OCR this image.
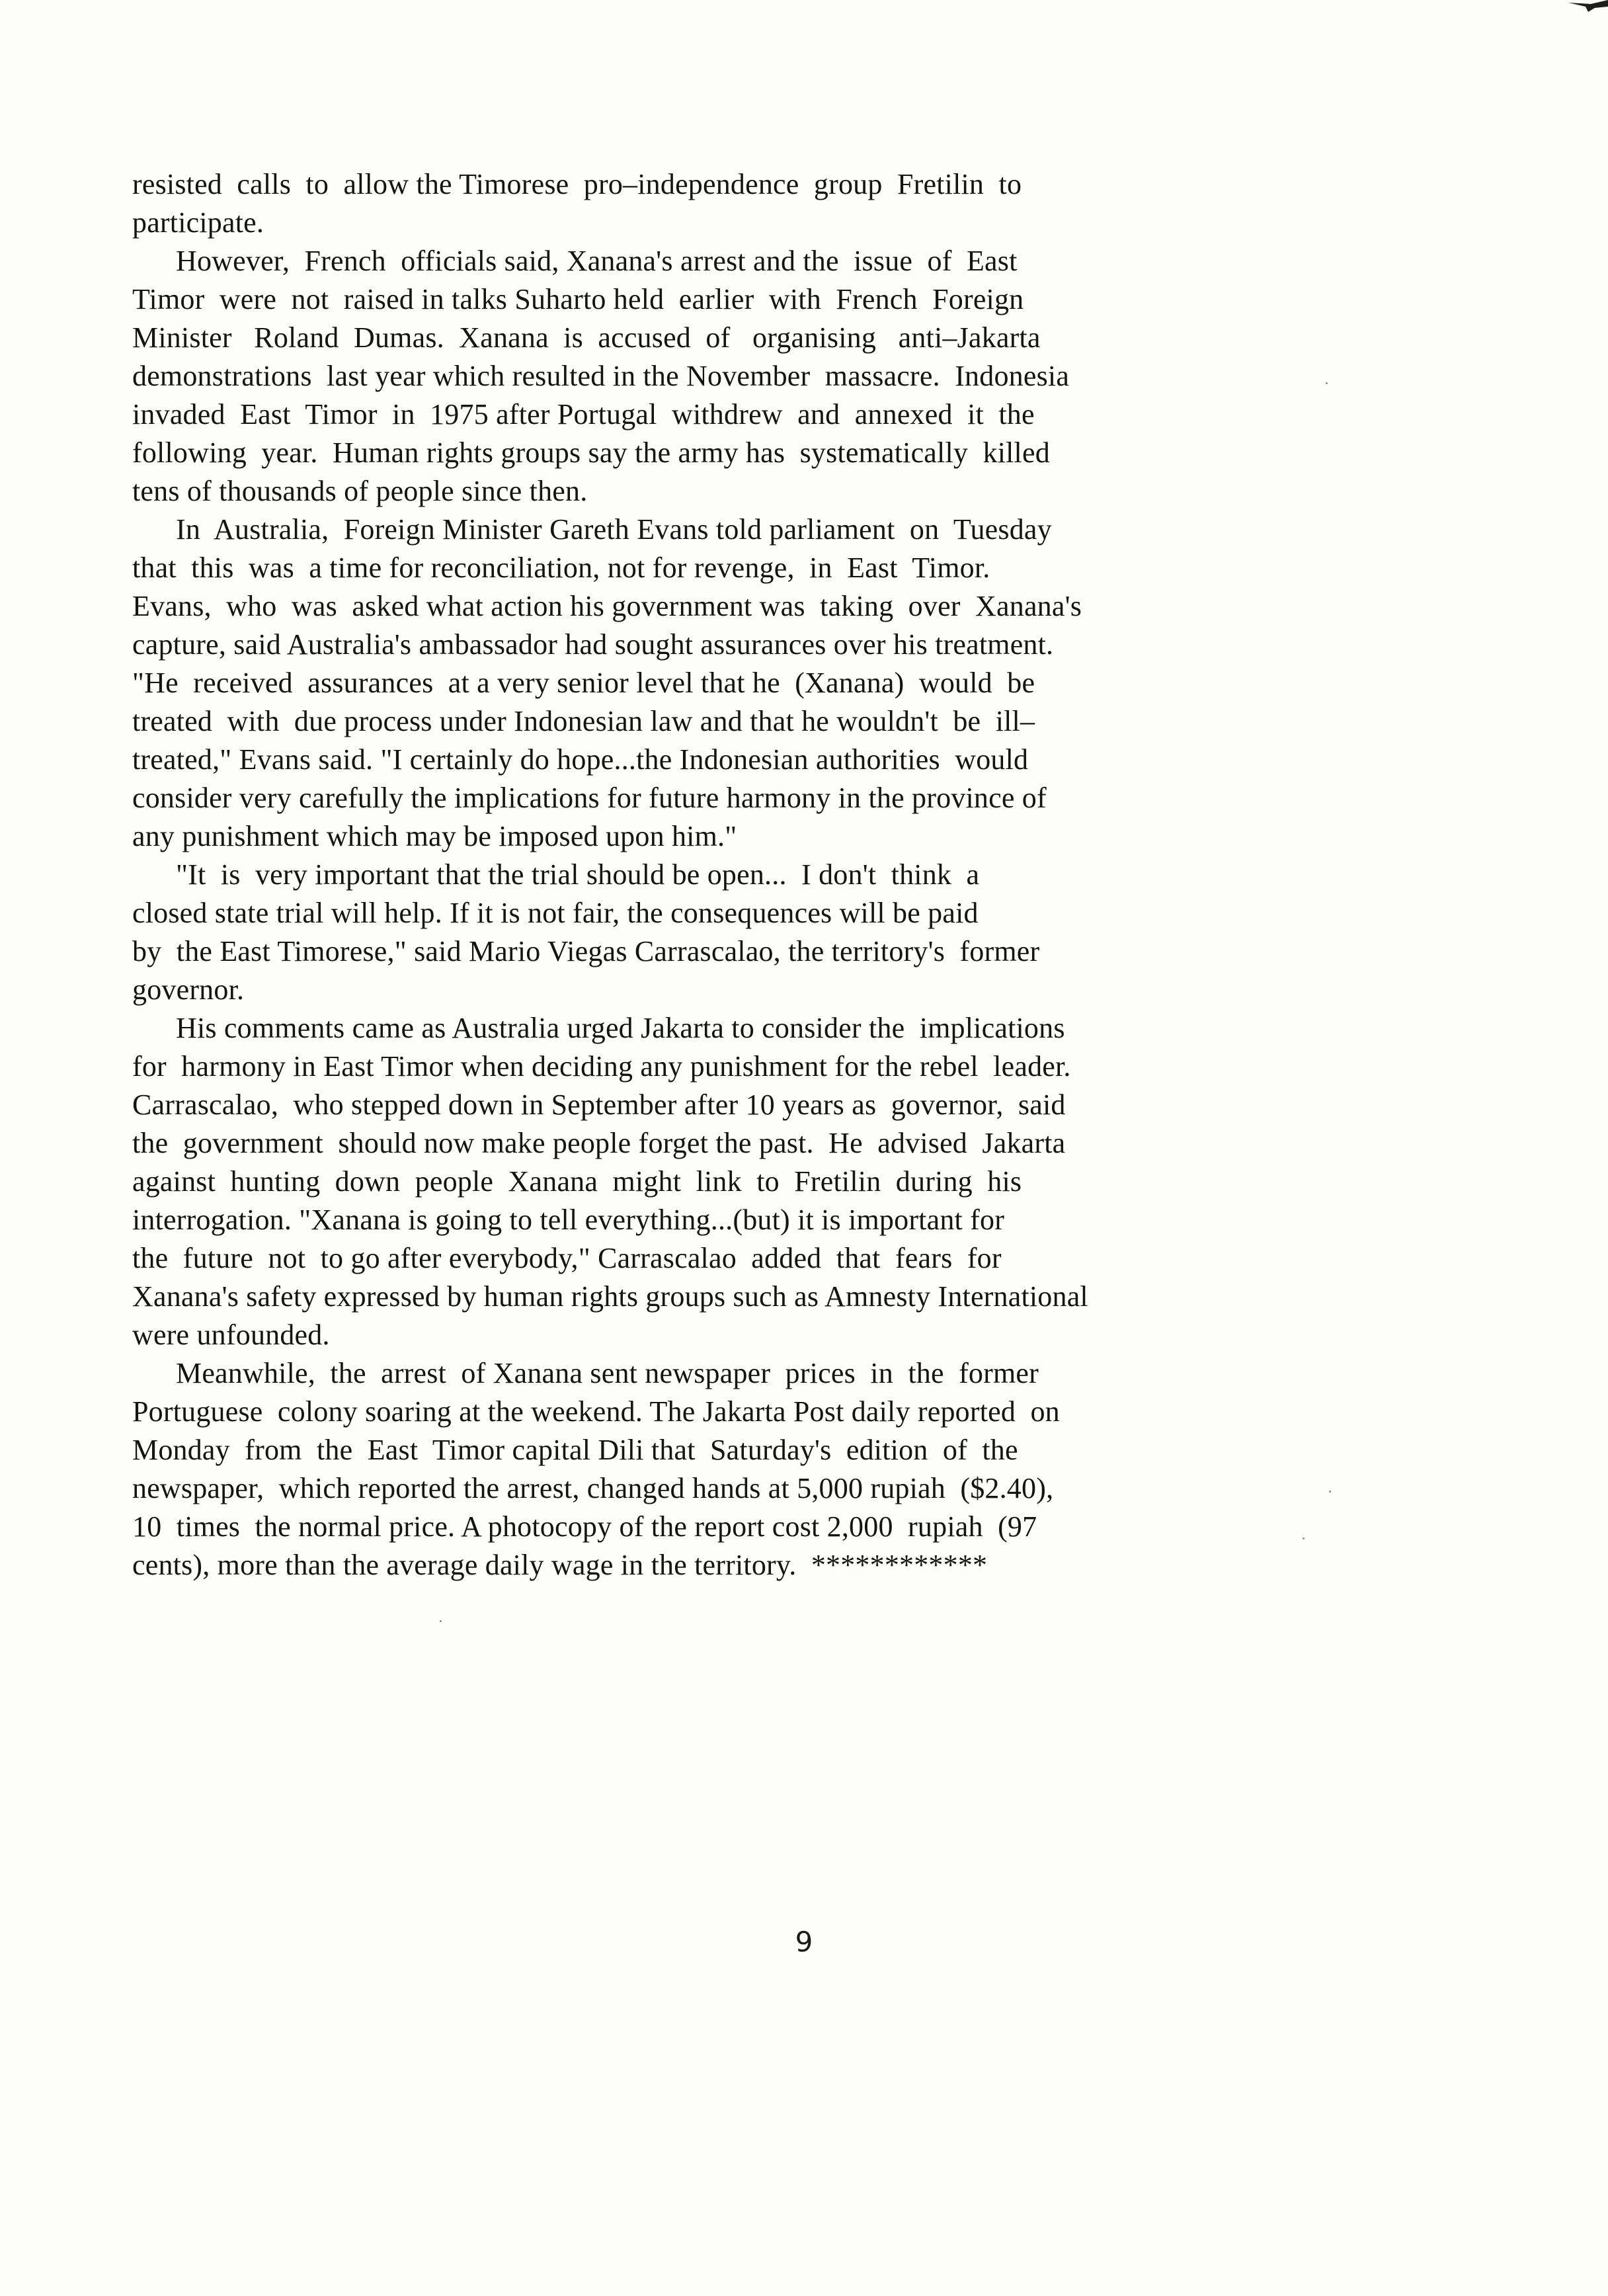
resisted  calls  to  allow the Timorese  pro–independence  group  Fretilin  to
participate.

However,  French  officials said, Xanana's arrest and the  issue  of  East
Timor  were  not  raised in talks Suharto held  earlier  with  French  Foreign
Minister   Roland  Dumas.  Xanana  is  accused  of   organising   anti–Jakarta
demonstrations  last year which resulted in the November  massacre.  Indonesia
invaded  East  Timor  in  1975 after Portugal  withdrew  and  annexed  it  the
following  year.  Human rights groups say the army has  systematically  killed
tens of thousands of people since then.

In  Australia,  Foreign Minister Gareth Evans told parliament  on  Tuesday
that  this  was  a time for reconciliation, not for revenge,  in  East  Timor.
Evans,  who  was  asked what action his government was  taking  over  Xanana's
capture, said Australia's ambassador had sought assurances over his treatment.
"He  received  assurances  at a very senior level that he  (Xanana)  would  be
treated  with  due process under Indonesian law and that he wouldn't  be  ill–
treated," Evans said. "I certainly do hope...the Indonesian authorities  would
consider very carefully the implications for future harmony in the province of
any punishment which may be imposed upon him."

"It  is  very important that the trial should be open...  I don't  think  a
closed state trial will help. If it is not fair, the consequences will be paid
by  the East Timorese," said Mario Viegas Carrascalao, the territory's  former
governor.

His comments came as Australia urged Jakarta to consider the  implications
for  harmony in East Timor when deciding any punishment for the rebel  leader.
Carrascalao,  who stepped down in September after 10 years as  governor,  said
the  government  should now make people forget the past.  He  advised  Jakarta
against  hunting  down  people  Xanana  might  link  to  Fretilin  during  his
interrogation. "Xanana is going to tell everything...(but) it is important for
the  future  not  to go after everybody," Carrascalao  added  that  fears  for
Xanana's safety expressed by human rights groups such as Amnesty International
were unfounded.

Meanwhile,  the  arrest  of Xanana sent newspaper  prices  in  the  former
Portuguese  colony soaring at the weekend. The Jakarta Post daily reported  on
Monday  from  the  East  Timor capital Dili that  Saturday's  edition  of  the
newspaper,  which reported the arrest, changed hands at 5,000 rupiah  ($2.40),
10  times  the normal price. A photocopy of the report cost 2,000  rupiah  (97
cents), more than the average daily wage in the territory.  ************

9
